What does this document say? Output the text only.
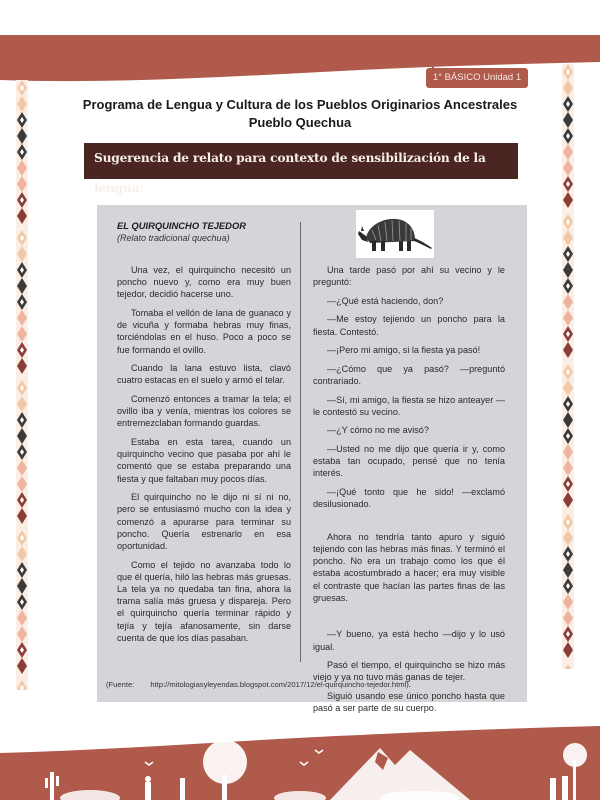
1° BÁSICO Unidad 1
Programa de Lengua y Cultura de los Pueblos Originarios Ancestrales
Pueblo Quechua
Sugerencia de relato para contexto de sensibilización de la lengua:
EL QUIRQUINCHO TEJEDOR
(Relato tradicional quechua)

Una vez, el quirquincho necesitó un poncho nuevo y, como era muy buen tejedor, decidió hacerse uno.

Tomaba el vellón de lana de guanaco y de vicuña y formaba hebras muy finas, torciéndolas en el huso. Poco a poco se fue formando el ovillo.

Cuando la lana estuvo lista, clavó cuatro estacas en el suelo y armó el telar.

Comenzó entonces a tramar la tela; el ovillo iba y venía, mientras los colores se entremezclaban formando guardas.

Estaba en esta tarea, cuando un quirquincho vecino que pasaba por ahí le comentó que se estaba preparando una fiesta y que faltaban muy pocos días.

El quirquincho no le dijo ni sí ni no, pero se entusiasmó mucho con la idea y comenzó a apurarse para terminar su poncho. Quería estrenarlo en esa oportunidad.

Como el tejido no avanzaba todo lo que él quería, hiló las hebras más gruesas. La tela ya no quedaba tan fina, ahora la trama salía más gruesa y dispareja. Pero el quirquincho quería terminar rápido y tejía y tejía afanosamente, sin darse cuenta de que los días pasaban.

Una tarde pasó por ahí su vecino y le preguntó:

—¿Qué está haciendo, don?

—Me estoy tejiendo un poncho para la fiesta. Contestó.

—¡Pero mi amigo, si la fiesta ya pasó!

—¿Cómo que ya pasó? —preguntó contrariado.

—Sí, mi amigo, la fiesta se hizo anteayer —le contestó su vecino.

—¿Y cómo no me avisó?

—Usted no me dijo que quería ir y, como estaba tan ocupado, pensé que no tenía interés.

—¡Qué tonto que he sido! —exclamó desilusionado.

Ahora no tendría tanto apuro y siguió tejiendo con las hebras más finas. Y terminó el poncho. No era un trabajo como los que él estaba acostumbrado a hacer; era muy visible el contraste que hacían las partes finas de las gruesas.

—Y bueno, ya está hecho —dijo y lo usó igual.

Pasó el tiempo, el quirquincho se hizo más viejo y ya no tuvo más ganas de tejer.

Siguió usando ese único poncho hasta que pasó a ser parte de su cuerpo.

(Fuente: http://mitologiasyleyendas.blogspot.com/2017/12/el-quirquincho-tejedor.html).
